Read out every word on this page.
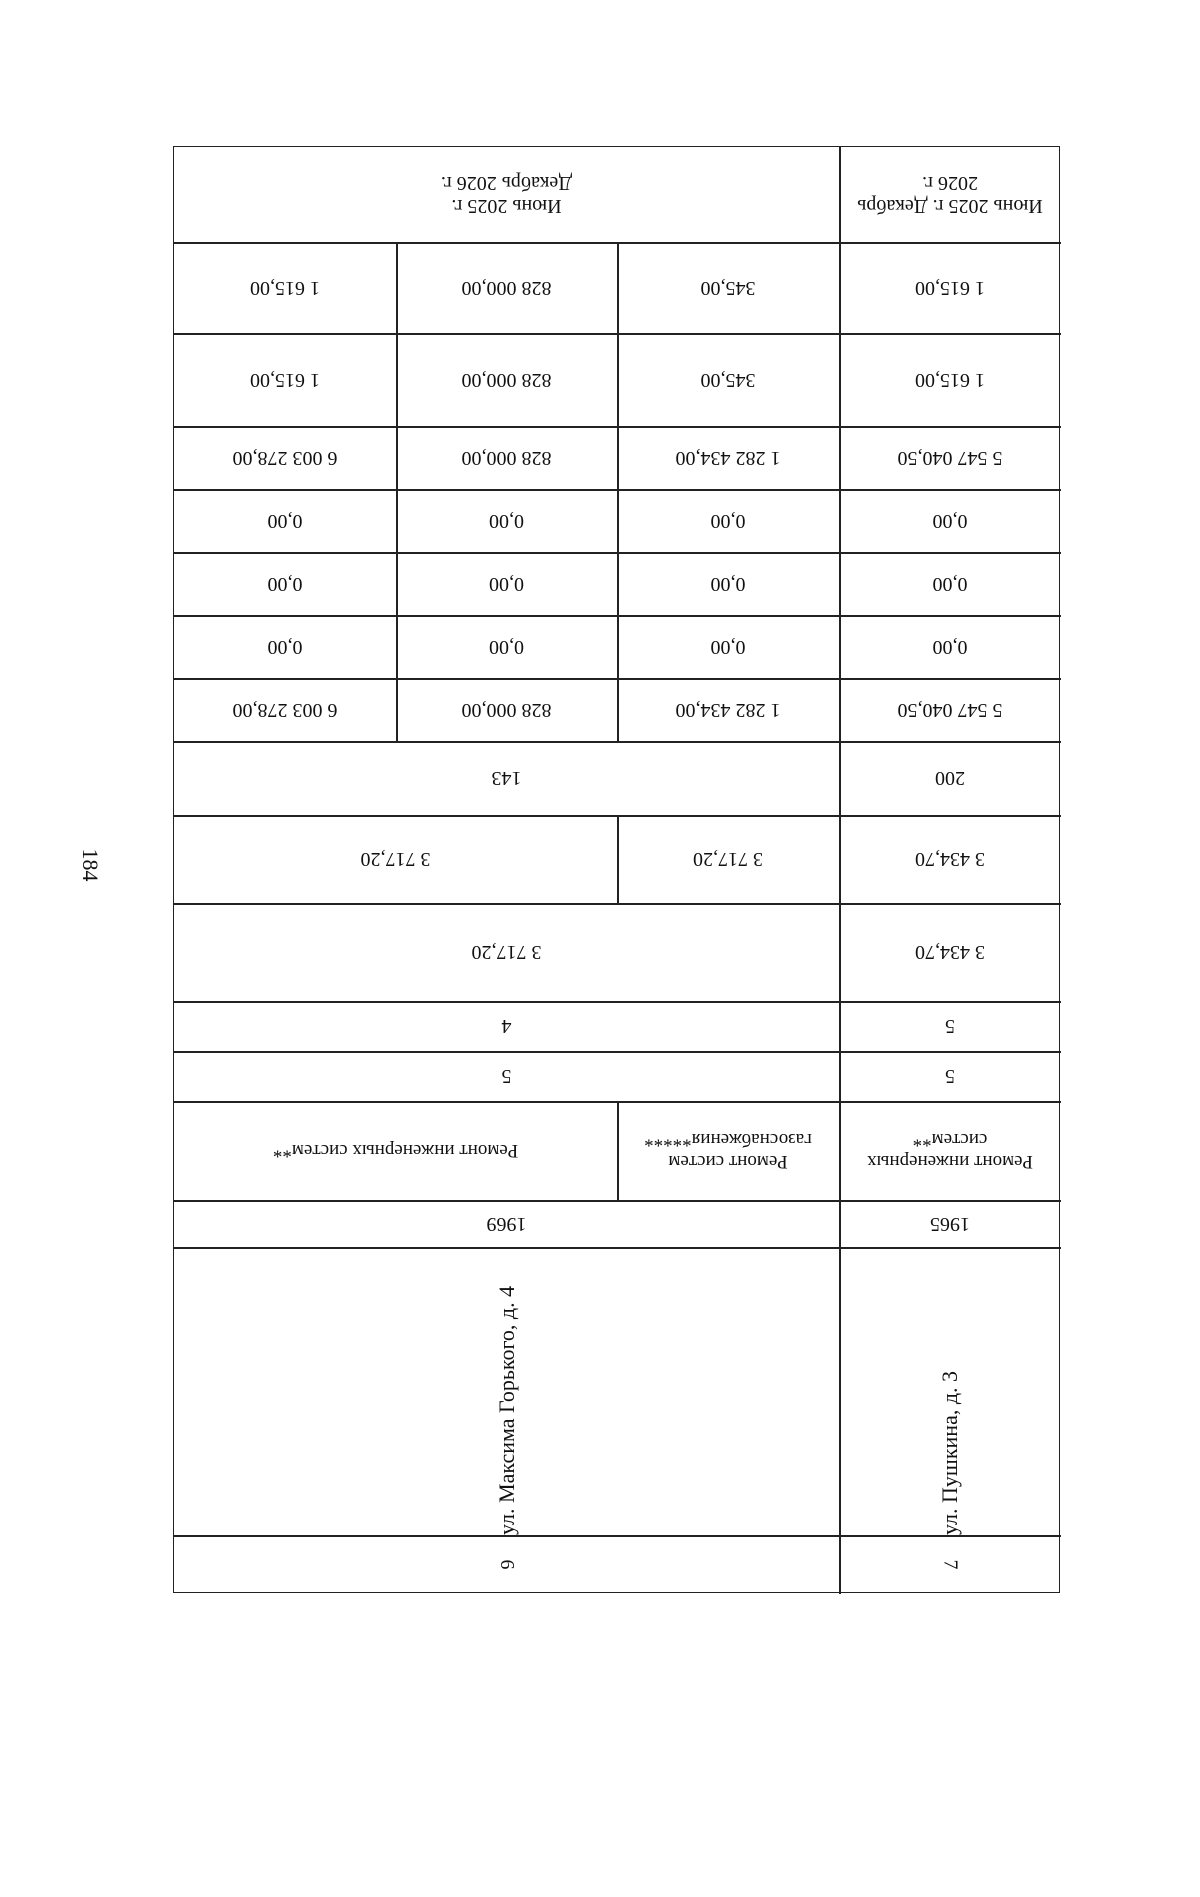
184
Июнь 2025 г. Декабрь 2026 г.
Июнь 2025 г. Декабрь 2026 г.
1 615,00
345,00
828 000,00
1 615,00
1 615,00
345,00
828 000,00
1 615,00
5 547 040,50
1 282 434,00
828 000,00
6 003 278,00
0,00
0,00
0,00
0,00
0,00
0,00
0,00
0,00
0,00
0,00
0,00
0,00
5 547 040,50
1 282 434,00
828 000,00
6 003 278,00
200
143
3 434,70
3 717,20
3 717,20
3 434,70
3 717,20
5
4
5
5
Ремонт инженерных систем**
Ремонт систем газоснабжения*****
Ремонт инженерных систем**
1965
1969
ул. Пушкина, д. 3
ул. Максима Горького, д. 4
7
6
